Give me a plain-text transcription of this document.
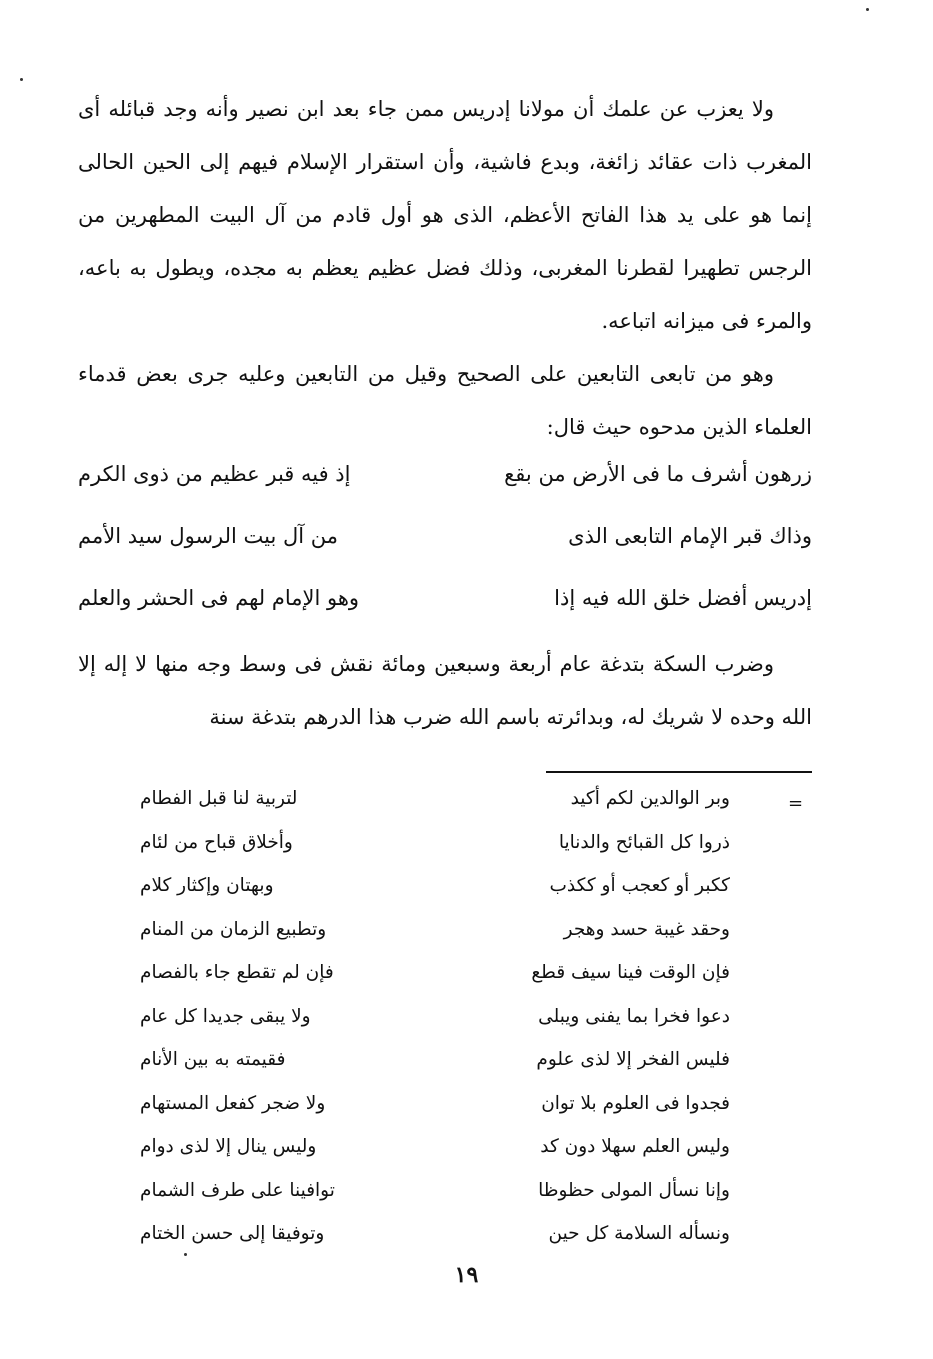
ولا يعزب عن علمك أن مولانا إدريس ممن جاء بعد ابن نصير وأنه وجد قبائله أى المغرب ذات عقائد زائغة، وبدع فاشية، وأن استقرار الإسلام فيهم إلى الحين الحالى إنما هو على يد هذا الفاتح الأعظم، الذى هو أول قادم من آل البيت المطهرين من الرجس تطهيرا لقطرنا المغربى، وذلك فضل عظيم يعظم به مجده، ويطول به باعه، والمرء فى ميزانه اتباعه.

وهو من تابعى التابعين على الصحيح وقيل من التابعين وعليه جرى بعض قدماء العلماء الذين مدحوه حيث قال:

زرهون أشرف ما فى الأرض من بقع
إذ فيه قبر عظيم من ذوى الكرم
وذاك قبر الإمام التابعى الذى
من آل بيت الرسول سيد الأمم
إدريس أفضل خلق الله فيه إذا
وهو الإمام لهم فى الحشر والعلم

وضرب السكة بتدغة عام أربعة وسبعين ومائة نقش فى وسط وجه منها لا إله إلا الله وحده لا شريك له، وبدائرته باسم الله ضرب هذا الدرهم بتدغة سنة

=
وبر الوالدين لكم أكيد
لتربية لنا قبل الفطام
ذروا كل القبائح والدنايا
وأخلاق قباح من لئام
ككبر أو كعجب أو ككذب
وبهتان وإكثار كلام
وحقد غيبة حسد وهجر
وتطبيع الزمان من المنام
فإن الوقت فينا سيف قطع
فإن لم تقطع جاء بالفصام
دعوا فخرا بما يفنى ويبلى
ولا يبقى جديدا كل عام
فليس الفخر إلا لذى علوم
فقيمته به بين الأنام
فجدوا فى العلوم بلا توان
ولا ضجر كفعل المستهام
وليس العلم سهلا دون كد
وليس ينال إلا لذى دوام
وإنا نسأل المولى حظوظا
توافينا على طرف الشمام
ونسأله السلامة كل حين
وتوفيقا إلى حسن الختام
١٩
